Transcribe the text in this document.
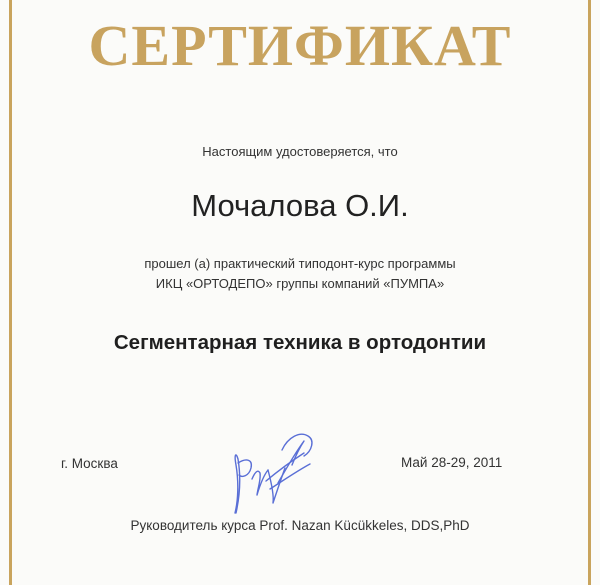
СЕРТИФИКАТ
Настоящим удостоверяется, что
Мочалова О.И.
прошел (а) практический типодонт-курс программы
ИКЦ «ОРТОДЕПО» группы компаний «ПУМПА»
Сегментарная техника в ортодонтии
г. Москва	Май 28-29, 2011
Руководитель курса Prof. Nazan Kücükkeles, DDS,PhD
